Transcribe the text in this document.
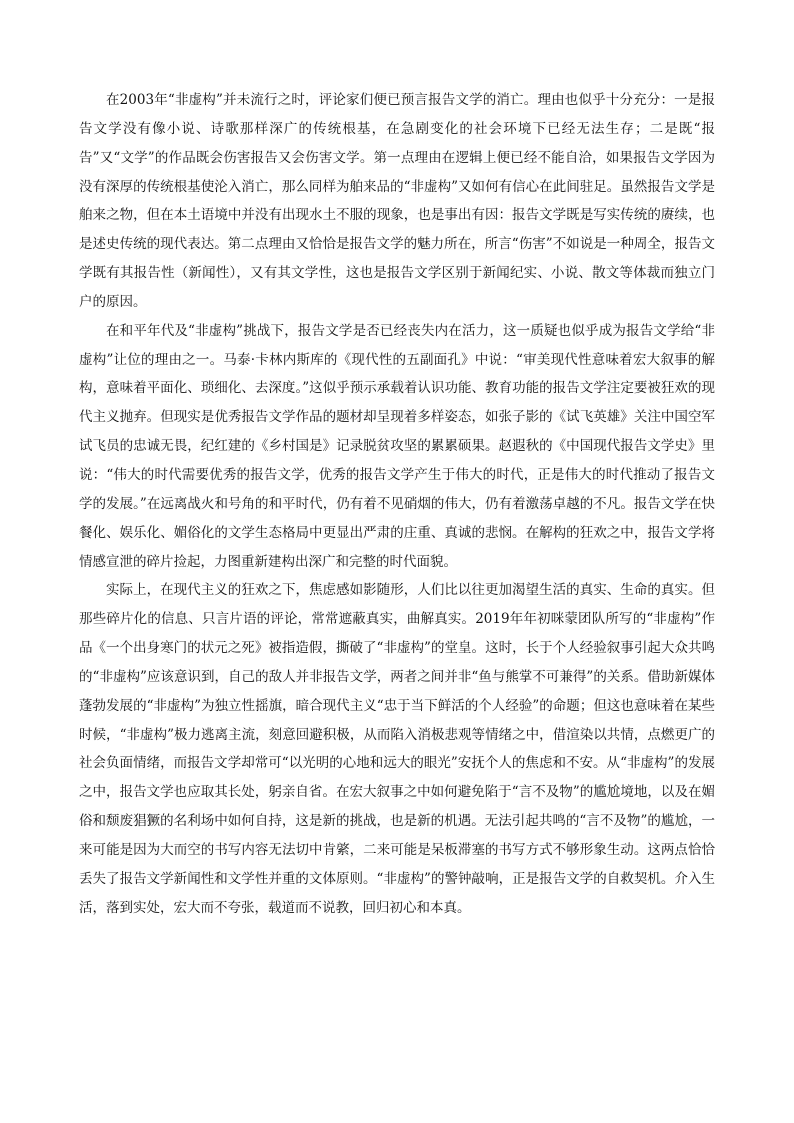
在2003年“非虚构”并未流行之时，评论家们便已预言报告文学的消亡。理由也似乎十分充分：一是报告文学没有像小说、诗歌那样深广的传统根基，在急剧变化的社会环境下已经无法生存；二是既“报告”又“文学”的作品既会伤害报告又会伤害文学。第一点理由在逻辑上便已经不能自洽，如果报告文学因为没有深厚的传统根基使沦入消亡，那么同样为舶来品的“非虚构”又如何有信心在此间驻足。虽然报告文学是舶来之物，但在本土语境中并没有出现水土不服的现象，也是事出有因：报告文学既是写实传统的赓续，也是述史传统的现代表达。第二点理由又恰恰是报告文学的魅力所在，所言“伤害”不如说是一种周全，报告文学既有其报告性（新闻性），又有其文学性，这也是报告文学区别于新闻纪实、小说、散文等体裁而独立门户的原因。

在和平年代及“非虚构”挑战下，报告文学是否已经丧失内在活力，这一质疑也似乎成为报告文学给“非虚构”让位的理由之一。马泰·卡林内斯库的《现代性的五副面孔》中说：“审美现代性意味着宏大叙事的解构，意味着平面化、琐细化、去深度。”这似乎预示承载着认识功能、教育功能的报告文学注定要被狂欢的现代主义抛弃。但现实是优秀报告文学作品的题材却呈现着多样姿态，如张子影的《试飞英雄》关注中国空军试飞员的忠诚无畏，纪红建的《乡村国是》记录脱贫攻坚的累累硕果。赵遐秋的《中国现代报告文学史》里说：“伟大的时代需要优秀的报告文学，优秀的报告文学产生于伟大的时代，正是伟大的时代推动了报告文学的发展。”在远离战火和号角的和平时代，仍有着不见硝烟的伟大，仍有着激荡卓越的不凡。报告文学在快餐化、娱乐化、媚俗化的文学生态格局中更显出严肃的庄重、真诚的悲悯。在解构的狂欢之中，报告文学将情感宣泄的碎片捡起，力图重新建构出深广和完整的时代面貌。

实际上，在现代主义的狂欢之下，焦虑感如影随形，人们比以往更加渴望生活的真实、生命的真实。但那些碎片化的信息、只言片语的评论，常常遮蔽真实，曲解真实。2019年年初咪蒙团队所写的“非虚构”作品《一个出身寒门的状元之死》被指造假，撕破了“非虚构”的堂皇。这时，长于个人经验叙事引起大众共鸣的“非虚构”应该意识到，自己的敌人并非报告文学，两者之间并非“鱼与熊掌不可兼得”的关系。借助新媒体蓬勃发展的“非虚构”为独立性摇旗，暗合现代主义“忠于当下鲜活的个人经验”的命题；但这也意味着在某些时候，“非虚构”极力逃离主流，刻意回避积极，从而陷入消极悲观等情绪之中，借渲染以共情，点燃更广的社会负面情绪，而报告文学却常可“以光明的心地和远大的眼光”安抚个人的焦虑和不安。从“非虚构”的发展之中，报告文学也应取其长处，躬亲自省。在宏大叙事之中如何避免陷于“言不及物”的尴尬境地，以及在媚俗和颓废猖獗的名利场中如何自持，这是新的挑战，也是新的机遇。无法引起共鸣的“言不及物”的尴尬，一来可能是因为大而空的书写内容无法切中肯綮，二来可能是呆板滞塞的书写方式不够形象生动。这两点恰恰丢失了报告文学新闻性和文学性并重的文体原则。“非虚构”的警钟敲响，正是报告文学的自救契机。介入生活，落到实处，宏大而不夸张，载道而不说教，回归初心和本真。
